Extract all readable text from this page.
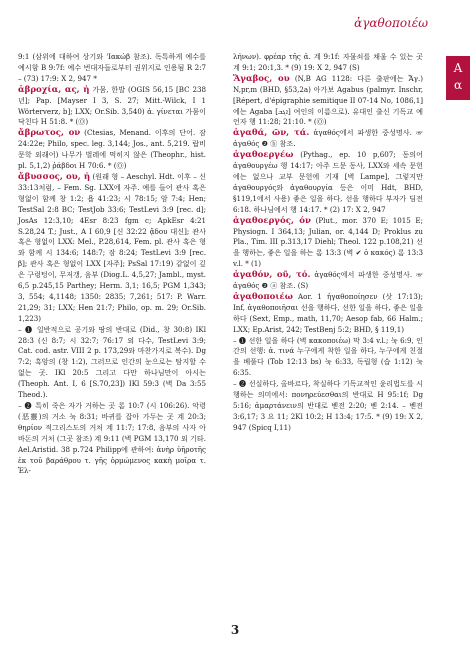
ἀγαθοποιέω
A
α

9:1 (삼위에 대하여 상기와 'Ιακώβ 참조). 독특하게 예수를 예시함 B 9:7f: 예수 번대자들로부터 권위지로 인용됨 R 2:7 – (73) 17:9: X 2, 947 *

ἁβροχία, ας, ἡ 가뭄, 한발 (OGIS 56,15 [BC 238년]; Pap. [Mayser I 3, S. 27; Mitt.-Wilck, I 1 Wörterverz, b]; LXX; Or.Sib. 3,540) ἀ. γίνεται 가뭄이 닥친다 H 51:8. * (Ⓞ)

ἄβρωτος, ον (Ctesias, Menand. 이후의 단어. 잠 24:22e; Philo, spec. leg. 3,144; Jos., ant. 5,219. 랍비 문학 외래어) 나무가 벌레에 먹히지 않은 (Theophr., hist. pl. 5,1,2) ῥάβδοι H 70:6. * (Ⓞ)

ἄβυσσος, ου, ἡ (원래 형 – Aeschyl. Hdt. 이후 – 신 33:13처럼, – Fem. Sg. LXX에 자주. 예를 들어 관사 혹은 형없이 함께 창 1:2; 욥 41:23; 시 78:15; 암 7:4; Hen; TestSal 2:8 BC; TestJob 33:6; TestLevi 3:9 [rec. d]; JosAs 12:3,10; 4Esr 8:23 fgm c; ApkEsr 4:21 S.28,24 T.; Just., A I 60,9 [신 32:22 ᾅδου 대신]; 관사 혹은 형없이 LXX: Mel., P.28,614, Fem. pl. 관사 혹은 형와 함께 시 134:6; 148:7; 잠 8:24; TestLevi 3:9 [rec. β]; 관사 혹은 형없이 LXX [자주]; PsSal 17:19) 같없이 깊은 구렁텅이, 무저갱, 음부 (Diog.L. 4,5,27; Jambl., myst. 6,5 p.245,15 Parthey; Herm. 3,1; 16,5; PGM 1,343; 3, 554; 4,1148; 1350: 2835; 7,261; 517: P. Warr. 21,29; 31; LXX; Hen 21:7; Philo, op. m. 29; Or.Sib. 1,223)

– ❶ 일반적으로 공기와 땅의 반대로 (Did., 창 30:8) IKl 28:3 (신 8:7; 시 32:7; 76:17 외 다수, TestLevi 3:9; Cat. cod. astr. VIII 2 p. 173,29와 마찬가지로 복수). Dg 7:2; 흑암의 (창 1:2), 그러므로 인간의 눈으로는 탐지할 수 없는 곳. IKl 20:5 그리고 다만 하나님만이 아시는 (Theoph. Ant. I, 6 [S.70,23]) IKl 59:3 (벽 Da 3:55 Theod.).

– ❷ 특히 죽은 자가 거하는 곳 롬 10:7 (시 106:26). 악령(恶靈)의 거소 눅 8:31; 바귀를 잡아 가두는 곳 계 20:3; θηρίον 적그리스도의 거처 계 11:7; 17:8, 음부의 사자 아바돈의 거처 (그곳 참조) 계 9:11 (벽 PGM 13,170 외 기타. Ael.Aristid. 38 p.724 Philipp에 관하여: ἀνὴρ ὑῆροτῆς ἐκ τοῦ βαράθρου τ. γῆς ὁρμώμενος κακὴ μοῖρα τ. Ἑλ-

λήνων). φρέαρ τῆς ἀ. 계 9:1f: 자물쇠를 채울 수 있는 곳 계 9:1; 20:1,3. * (9) 19: X 2, 947 (S)

Ἅγαβος, ου (N,B AG 1128: 다른 출판에는 Ἄγ.) N,pr,m (BHD, §53,2a) 아가보 Agabus (palmyr. Inschr, [Répert, d'épigraphie semitique II 07-14 No, 1086,1] 에는 Agaba [ܐܓܒ] 여인의 이름으로). 유대인 출신 기독교 예언자 행 11:28; 21:10. * (Ⓞ)

ἀγαθά, ῶν, τά. ἀγαθός에서 파생한 중성명사. ☞ ἀγαθός ❷ ⓑ 참조.

ἀγαθοεργέω (Pythag., ep. 10 p,607; 동의어 ἀγαθουργέω 행 14:17; 아주 드문 동사, LXX와 세속 문헌에는 없으나 교부 문헌에 기재 [벽 Lampe], 그렇지만 ἀγαθουργός와 ἀγαθουργία 등은 이미 Hdt, BHD, §119,1에서 사용) 좋은 일을 하다, 선을 행하다 부자가 딤전 6:18. 하나님에서 행 14:17. * (2) 17: X 2, 947

ἀγαθοεργός, όν (Plut., mor. 370 E; 1015 E; Physiogn. I 364,13; Julian, or. 4,144 D; Proklus zu Pla., Tim. III p.313,17 Diehl; Theol. 122 p.108,21) 선을 행하는, 좋은 일을 하는 롬 13:3 (벽 ✔ ὁ κακός) 롬 13:3 v.l. * (1)

ἀγαθόν, οῦ, τό. ἀγαθός에서 파생한 중성명사. ☞ ἀγαθός ❷ ⓐ 참조. (S)

ἀγαθοποιέω Aor. 1 ἠγαθοποίησεν (삿 17:13); Inf, ἀγαθοποιῆσαι 선을 행하다, 선한 일을 하다, 좋은 일을 하다 (Sext, Emp., math, 11,70; Aesop fab, 66 Halm.; LXX; Ep.Arist, 242; TestBenj 5:2; BHD, § 119,1)

– ❶ 선한 일을 하다 (벽 κακοποιέω) 막 3:4 v.l.; 눅 6:9, 인간의 선행: ἀ. τινά 누구에게 착한 일을 하다, 누구에게 친절을 베풀다 (Tob 12:13 bs) 눅 6:33, 독립형 (습 1:12) 눅 6:35.

– ❷ 선실하다, 올바르다, 착실하다 기독교적인 윤리법도를 시행하는 의미에서: πονηρεύεσθαι의 반대로 H 95:1f; Dg 5:16; ἁμαρτάνειν의 반대로 벧전 2:20; 벧 2:14. – 벧전 3:6,17; 3 요 11; 2Kl 10:2; H 13:4; 17:5. * (9) 19: X 2, 947 (Spicq I,11)

3
